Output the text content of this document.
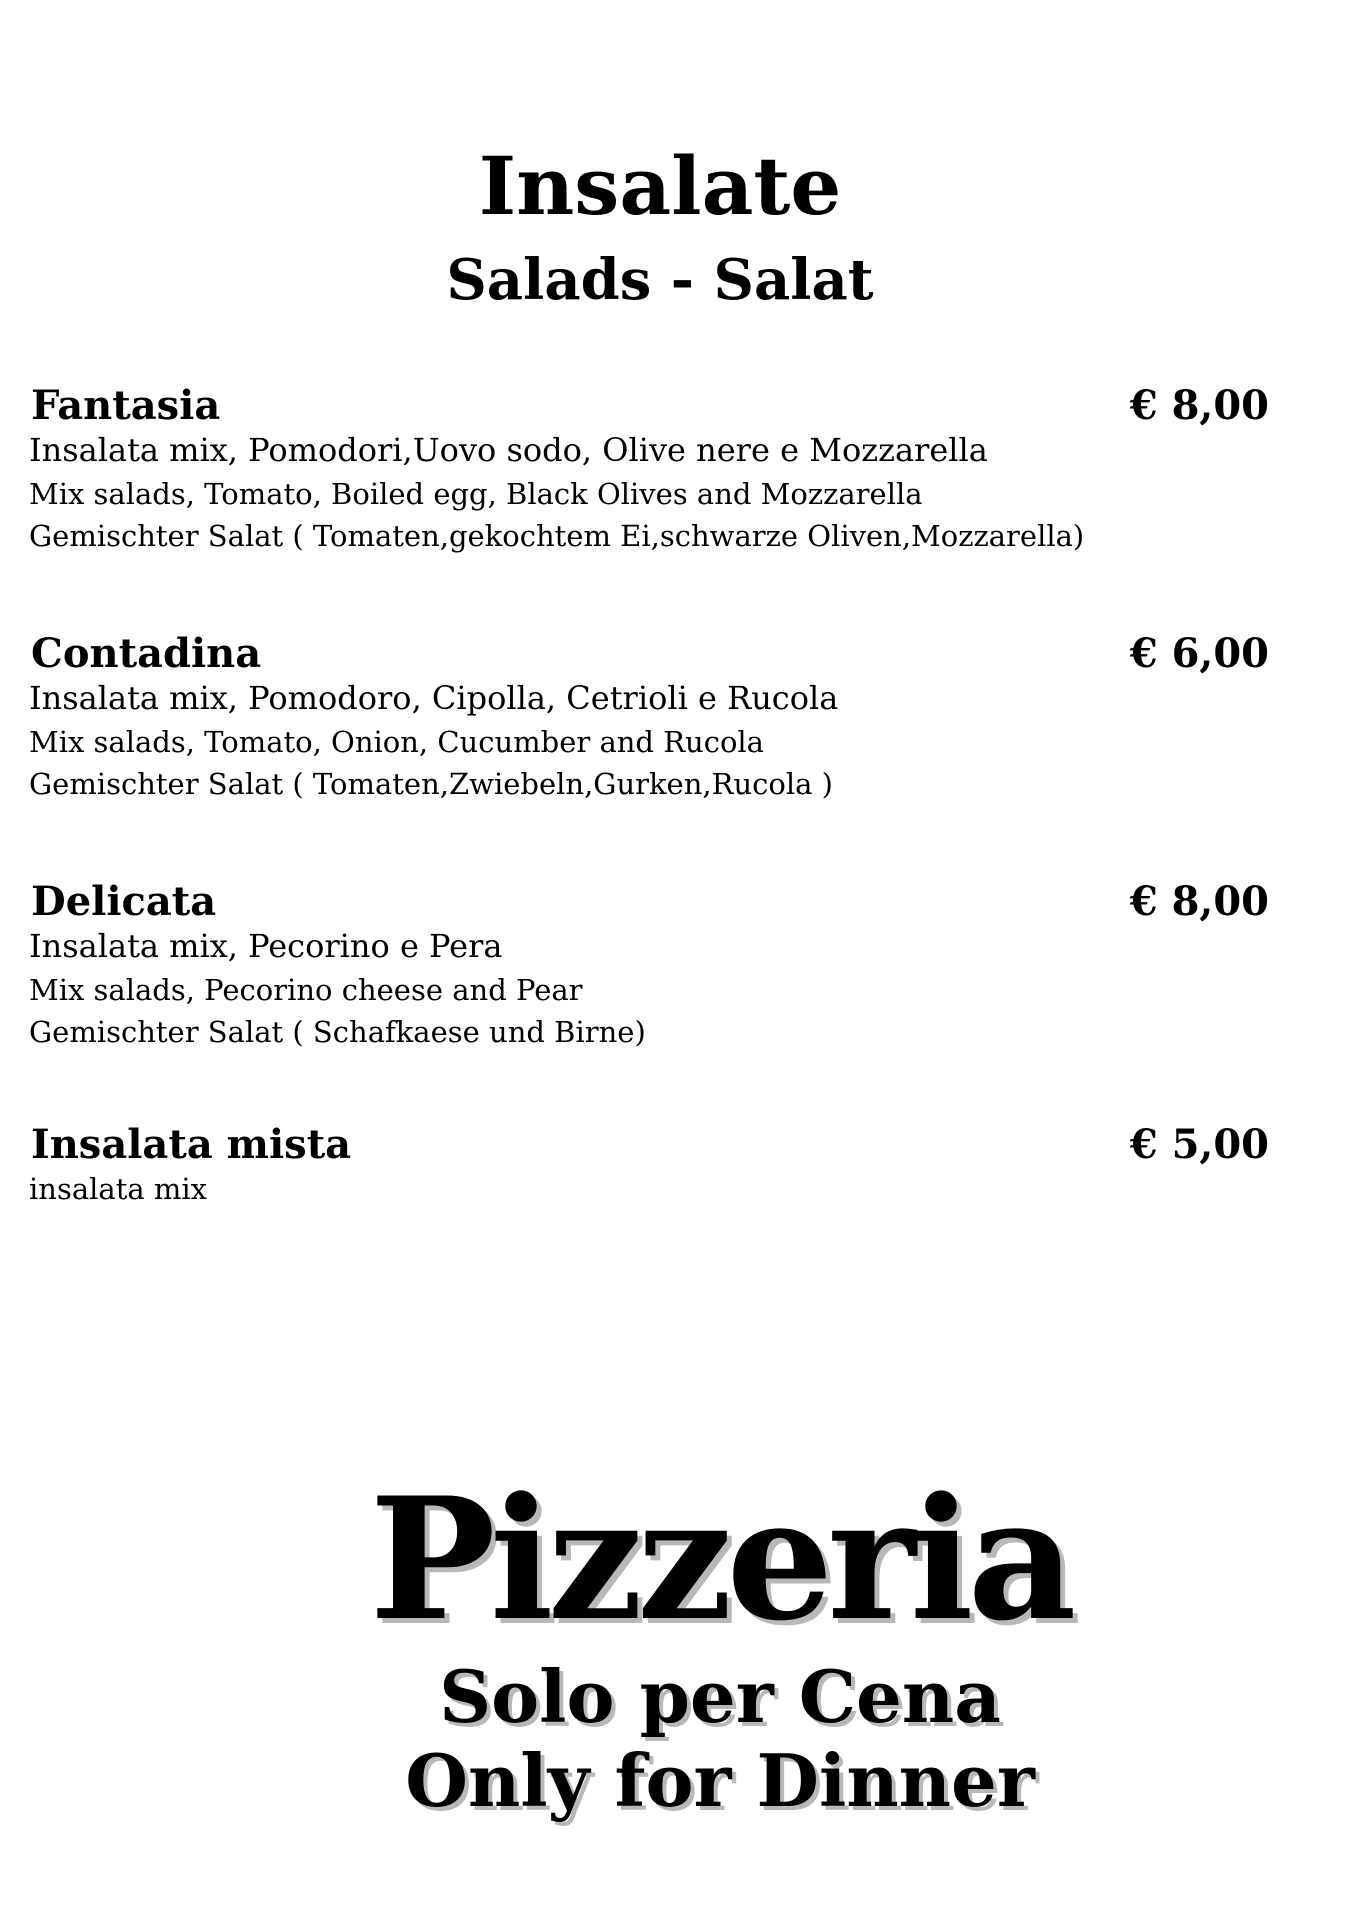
Insalate
Salads - Salat
Fantasia	€ 8,00
Insalata mix, Pomodori,Uovo sodo, Olive nere e Mozzarella
Mix salads, Tomato, Boiled egg, Black Olives and Mozzarella
Gemischter Salat ( Tomaten,gekochtem Ei,schwarze Oliven,Mozzarella)
Contadina	€ 6,00
Insalata mix, Pomodoro, Cipolla, Cetrioli e Rucola
Mix salads, Tomato, Onion, Cucumber and Rucola
Gemischter Salat ( Tomaten,Zwiebeln,Gurken,Rucola )
Delicata	€ 8,00
Insalata mix, Pecorino e Pera
Mix salads, Pecorino cheese and Pear
Gemischter Salat ( Schafkaese und Birne)
Insalata mista	€ 5,00
insalata mix
Pizzeria
Solo per Cena
Only for Dinner
